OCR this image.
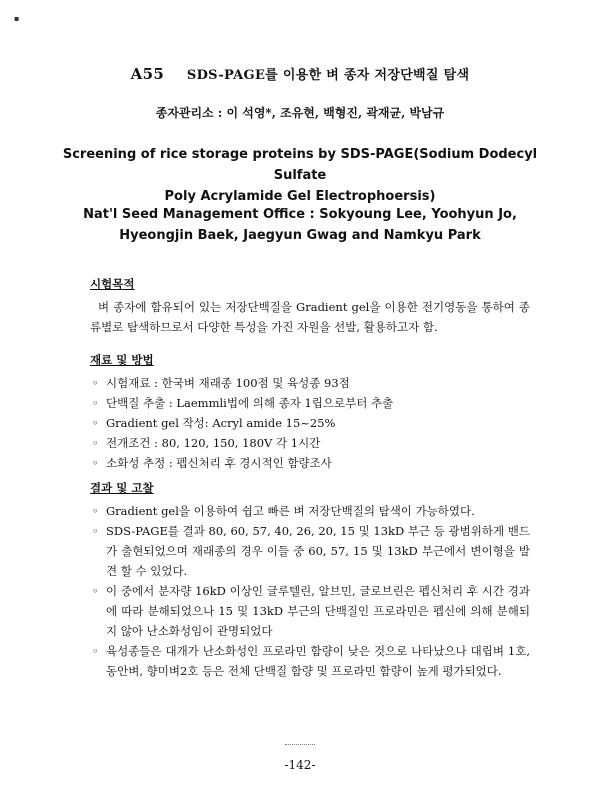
▪
A55 SDS-PAGE를 이용한 벼 종자 저장단백질 탐색
종자관리소 : 이 석영*, 조유현, 백형진, 곽재균, 박남규
Screening of rice storage proteins by SDS-PAGE(Sodium Dodecyl Sulfate
Poly Acrylamide Gel Electrophoersis)
Nat'l Seed Management Office : Sokyoung Lee, Yoohyun Jo,
Hyeongjin Baek, Jaegyun Gwag and Namkyu Park
시험목적
벼 종자에 함유되어 있는 저장단백질을 Gradient gel을 이용한 전기영동을 통하여 종류별로 탐색하므로서 다양한 특성을 가진 자원을 선발, 활용하고자 함.
재료 및 방법
◦ 시험재료 : 한국벼 재래종 100점 및 육성종 93점
◦ 단백질 추출 : Laemmli법에 의해 종자 1립으로부터 추출
◦ Gradient gel 작성: Acryl amide 15~25%
◦ 전개조건 : 80, 120, 150, 180V 각 1시간
◦ 소화성 추정 : 펩신처리 후 경시적인 함량조사
결과 및 고찰
◦ Gradient gel을 이용하여 쉽고 빠른 벼 저장단백질의 탐색이 가능하였다.
◦ SDS-PAGE를 결과 80, 60, 57, 40, 26, 20, 15 및 13kD 부근 등 광범위하게 밴드가 출현되었으며 재래종의 경우 이들 중 60, 57, 15 및 13kD 부근에서 변이형을 발견 할 수 있었다.
◦ 이 중에서 분자량 16kD 이상인 글루텔린, 알브민, 글로브린은 펩신처리 후 시간 경과에 따라 분해되었으나 15 및 13kD 부근의 단백질인 프로라민은 펩신에 의해 분해되지 않아 난소화성임이 관명되었다
◦ 육성종들은 대개가 난소화성인 프로라민 함량이 낮은 것으로 나타났으나 대립벼 1호, 동안벼, 향미벼2호 등은 전체 단백질 함량 및 프로라민 함량이 높게 평가되었다.
-142-
